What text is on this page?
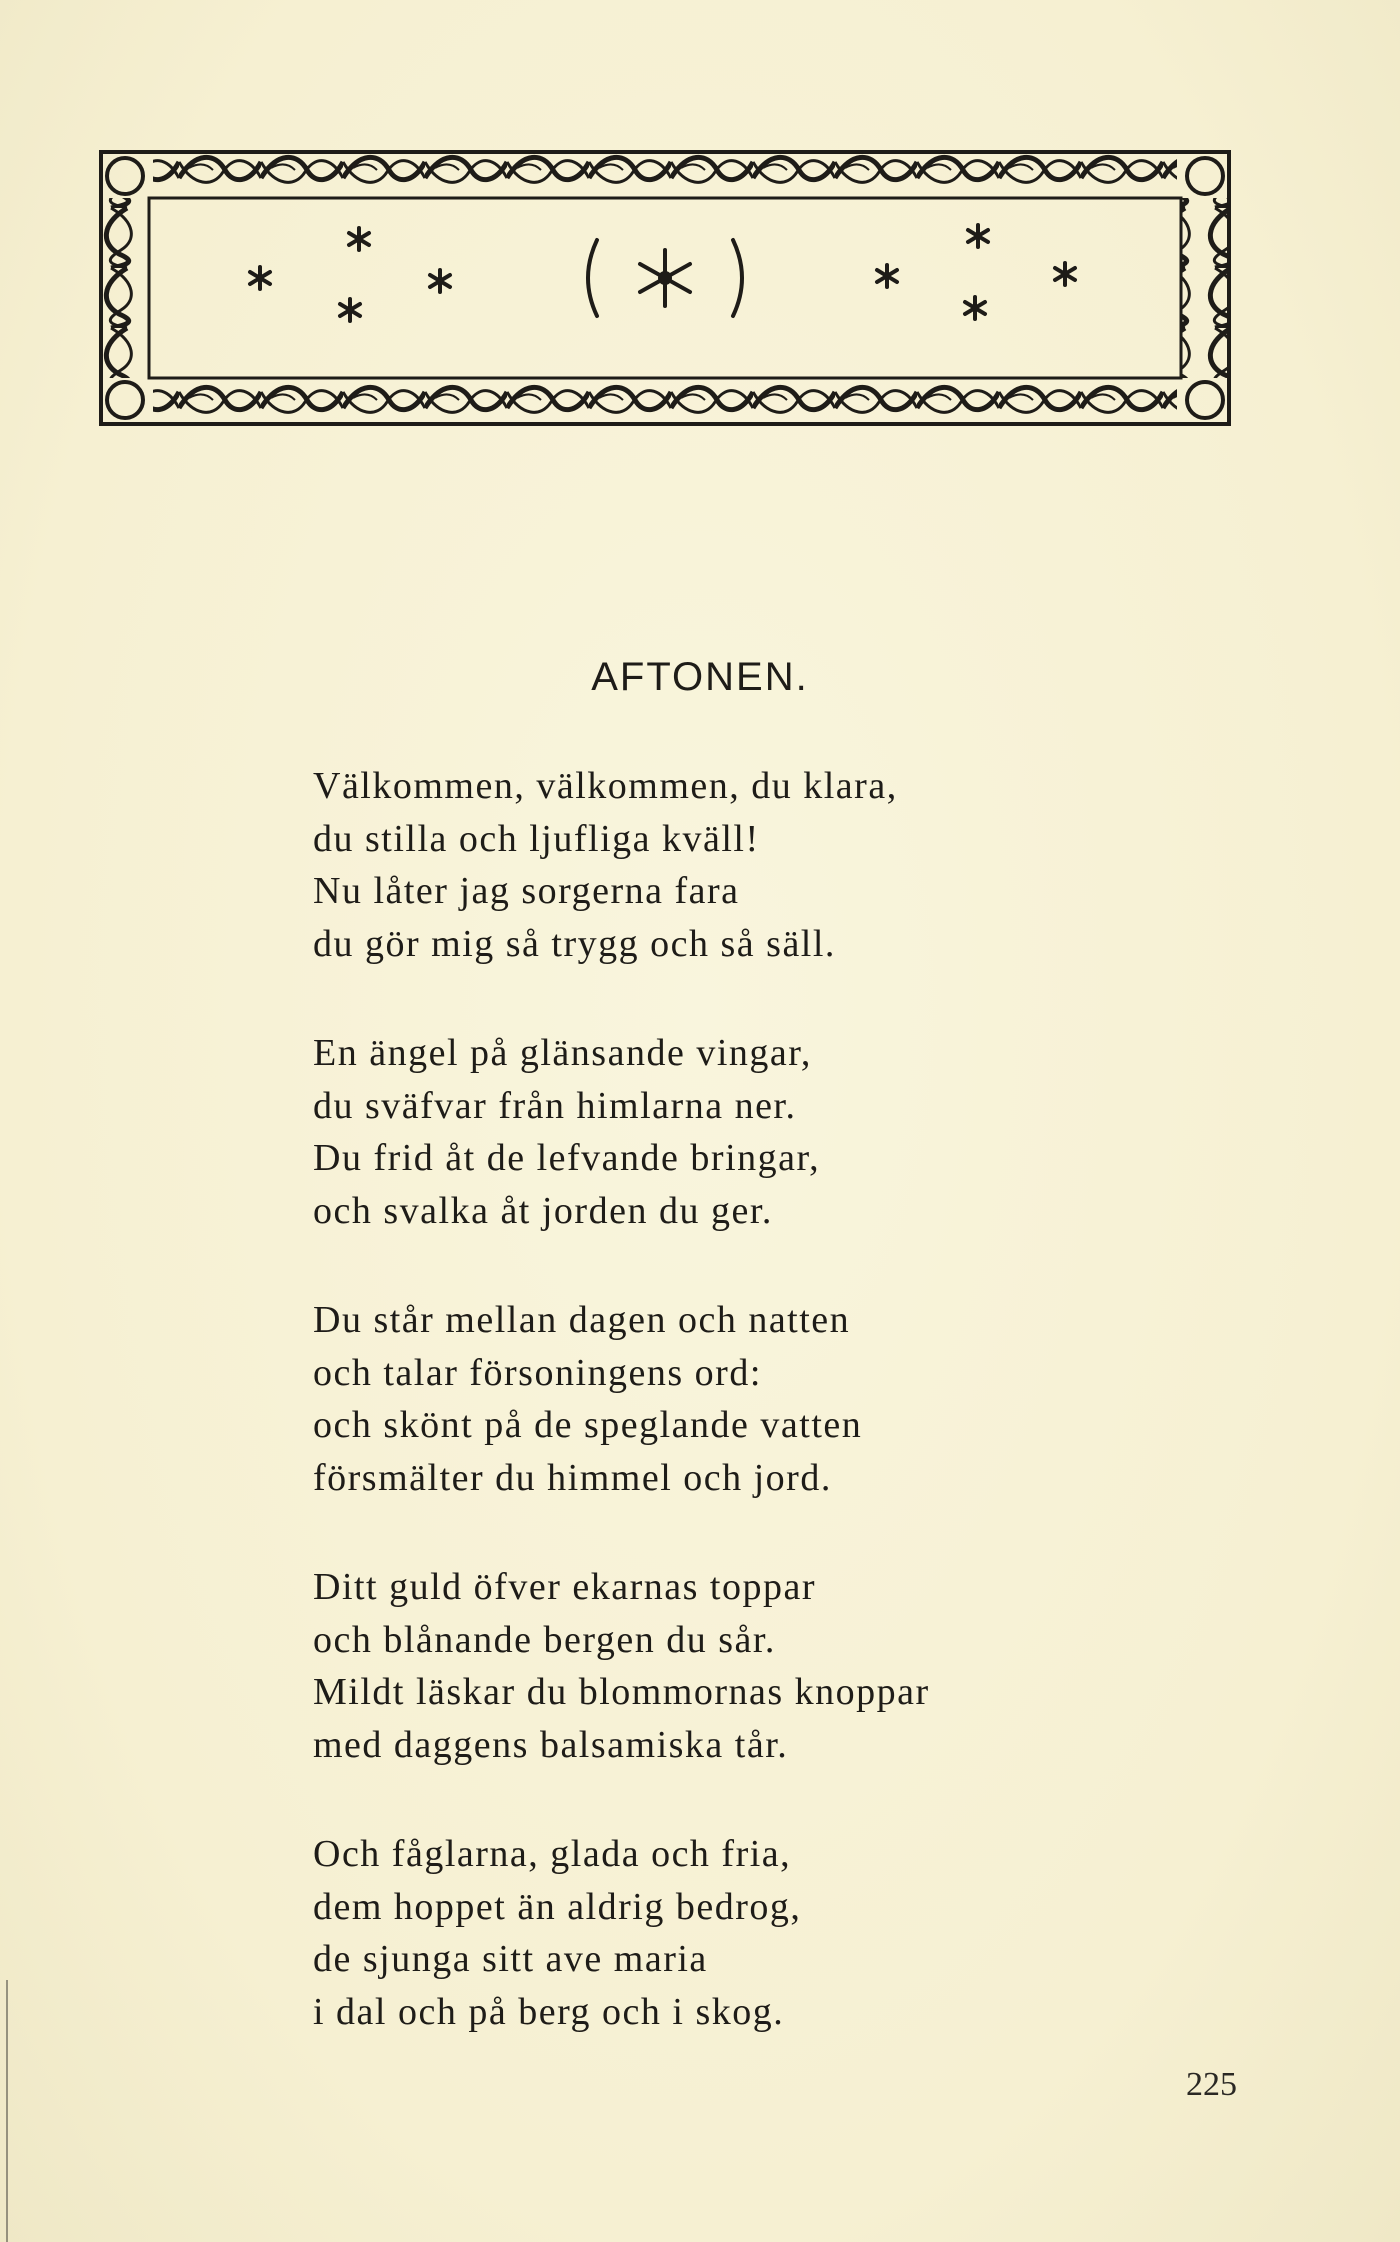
AFTONEN.
Välkommen, välkommen, du klara,
du stilla och ljufliga kväll!
Nu låter jag sorgerna fara
du gör mig så trygg och så säll.
En ängel på glänsande vingar,
du sväfvar från himlarna ner.
Du frid åt de lefvande bringar,
och svalka åt jorden du ger.
Du står mellan dagen och natten
och talar försoningens ord:
och skönt på de speglande vatten
försmälter du himmel och jord.
Ditt guld öfver ekarnas toppar
och blånande bergen du sår.
Mildt läskar du blommornas knoppar
med daggens balsamiska tår.
Och fåglarna, glada och fria,
dem hoppet än aldrig bedrog,
de sjunga sitt ave maria
i dal och på berg och i skog.
225
